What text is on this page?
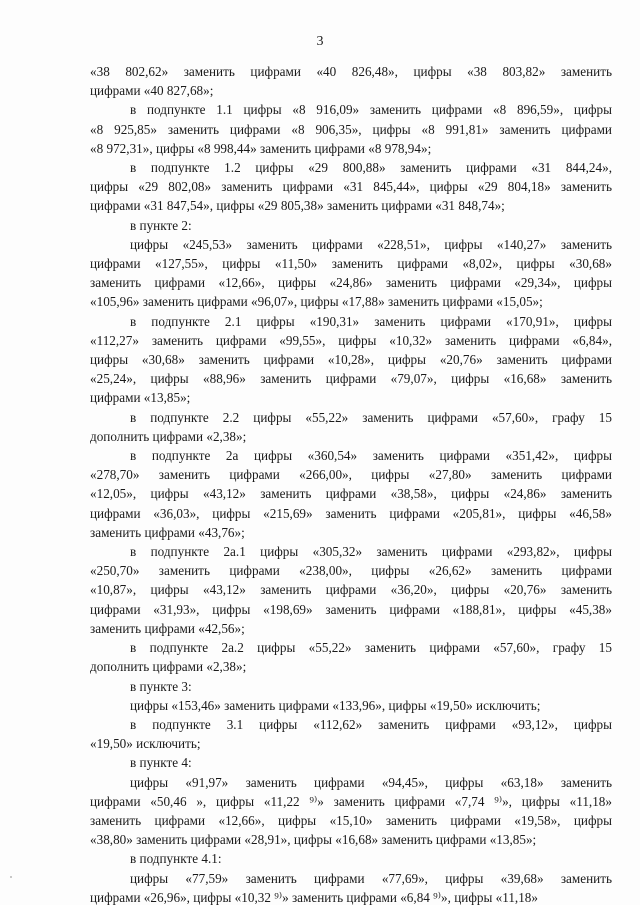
3
«38 802,62» заменить цифрами «40 826,48», цифры «38 803,82» заменить
цифрами «40 827,68»;
в подпункте 1.1 цифры «8 916,09» заменить цифрами «8 896,59», цифры
«8 925,85» заменить цифрами «8 906,35», цифры «8 991,81» заменить цифрами
«8 972,31», цифры «8 998,44» заменить цифрами «8 978,94»;
в подпункте 1.2 цифры «29 800,88» заменить цифрами «31 844,24»,
цифры «29 802,08» заменить цифрами «31 845,44», цифры «29 804,18» заменить
цифрами «31 847,54», цифры «29 805,38» заменить цифрами «31 848,74»;
в пункте 2:
цифры «245,53» заменить цифрами «228,51», цифры «140,27» заменить
цифрами «127,55», цифры «11,50» заменить цифрами «8,02», цифры «30,68»
заменить цифрами «12,66», цифры «24,86» заменить цифрами «29,34», цифры
«105,96» заменить цифрами «96,07», цифры «17,88» заменить цифрами «15,05»;
в подпункте 2.1 цифры «190,31» заменить цифрами «170,91», цифры
«112,27» заменить цифрами «99,55», цифры «10,32» заменить цифрами «6,84»,
цифры «30,68» заменить цифрами «10,28», цифры «20,76» заменить цифрами
«25,24», цифры «88,96» заменить цифрами «79,07», цифры «16,68» заменить
цифрами «13,85»;
в подпункте 2.2 цифры «55,22» заменить цифрами «57,60», графу 15
дополнить цифрами «2,38»;
в подпункте 2а цифры «360,54» заменить цифрами «351,42», цифры
«278,70» заменить цифрами «266,00», цифры «27,80» заменить цифрами
«12,05», цифры «43,12» заменить цифрами «38,58», цифры «24,86» заменить
цифрами «36,03», цифры «215,69» заменить цифрами «205,81», цифры «46,58»
заменить цифрами «43,76»;
в подпункте 2а.1 цифры «305,32» заменить цифрами «293,82», цифры
«250,70» заменить цифрами «238,00», цифры «26,62» заменить цифрами
«10,87», цифры «43,12» заменить цифрами «36,20», цифры «20,76» заменить
цифрами «31,93», цифры «198,69» заменить цифрами «188,81», цифры «45,38»
заменить цифрами «42,56»;
в подпункте 2а.2 цифры «55,22» заменить цифрами «57,60», графу 15
дополнить цифрами «2,38»;
в пункте 3:
цифры «153,46» заменить цифрами «133,96», цифры «19,50» исключить;
в подпункте 3.1 цифры «112,62» заменить цифрами «93,12», цифры
«19,50» исключить;
в пункте 4:
цифры «91,97» заменить цифрами «94,45», цифры «63,18» заменить
цифрами «50,46 », цифры «11,22 ⁹⁾» заменить цифрами «7,74 ⁹⁾», цифры «11,18»
заменить цифрами «12,66», цифры «15,10» заменить цифрами «19,58», цифры
«38,80» заменить цифрами «28,91», цифры «16,68» заменить цифрами «13,85»;
в подпункте 4.1:
цифры «77,59» заменить цифрами «77,69», цифры «39,68» заменить
цифрами «26,96», цифры «10,32 ⁹⁾» заменить цифрами «6,84 ⁹⁾», цифры «11,18»
